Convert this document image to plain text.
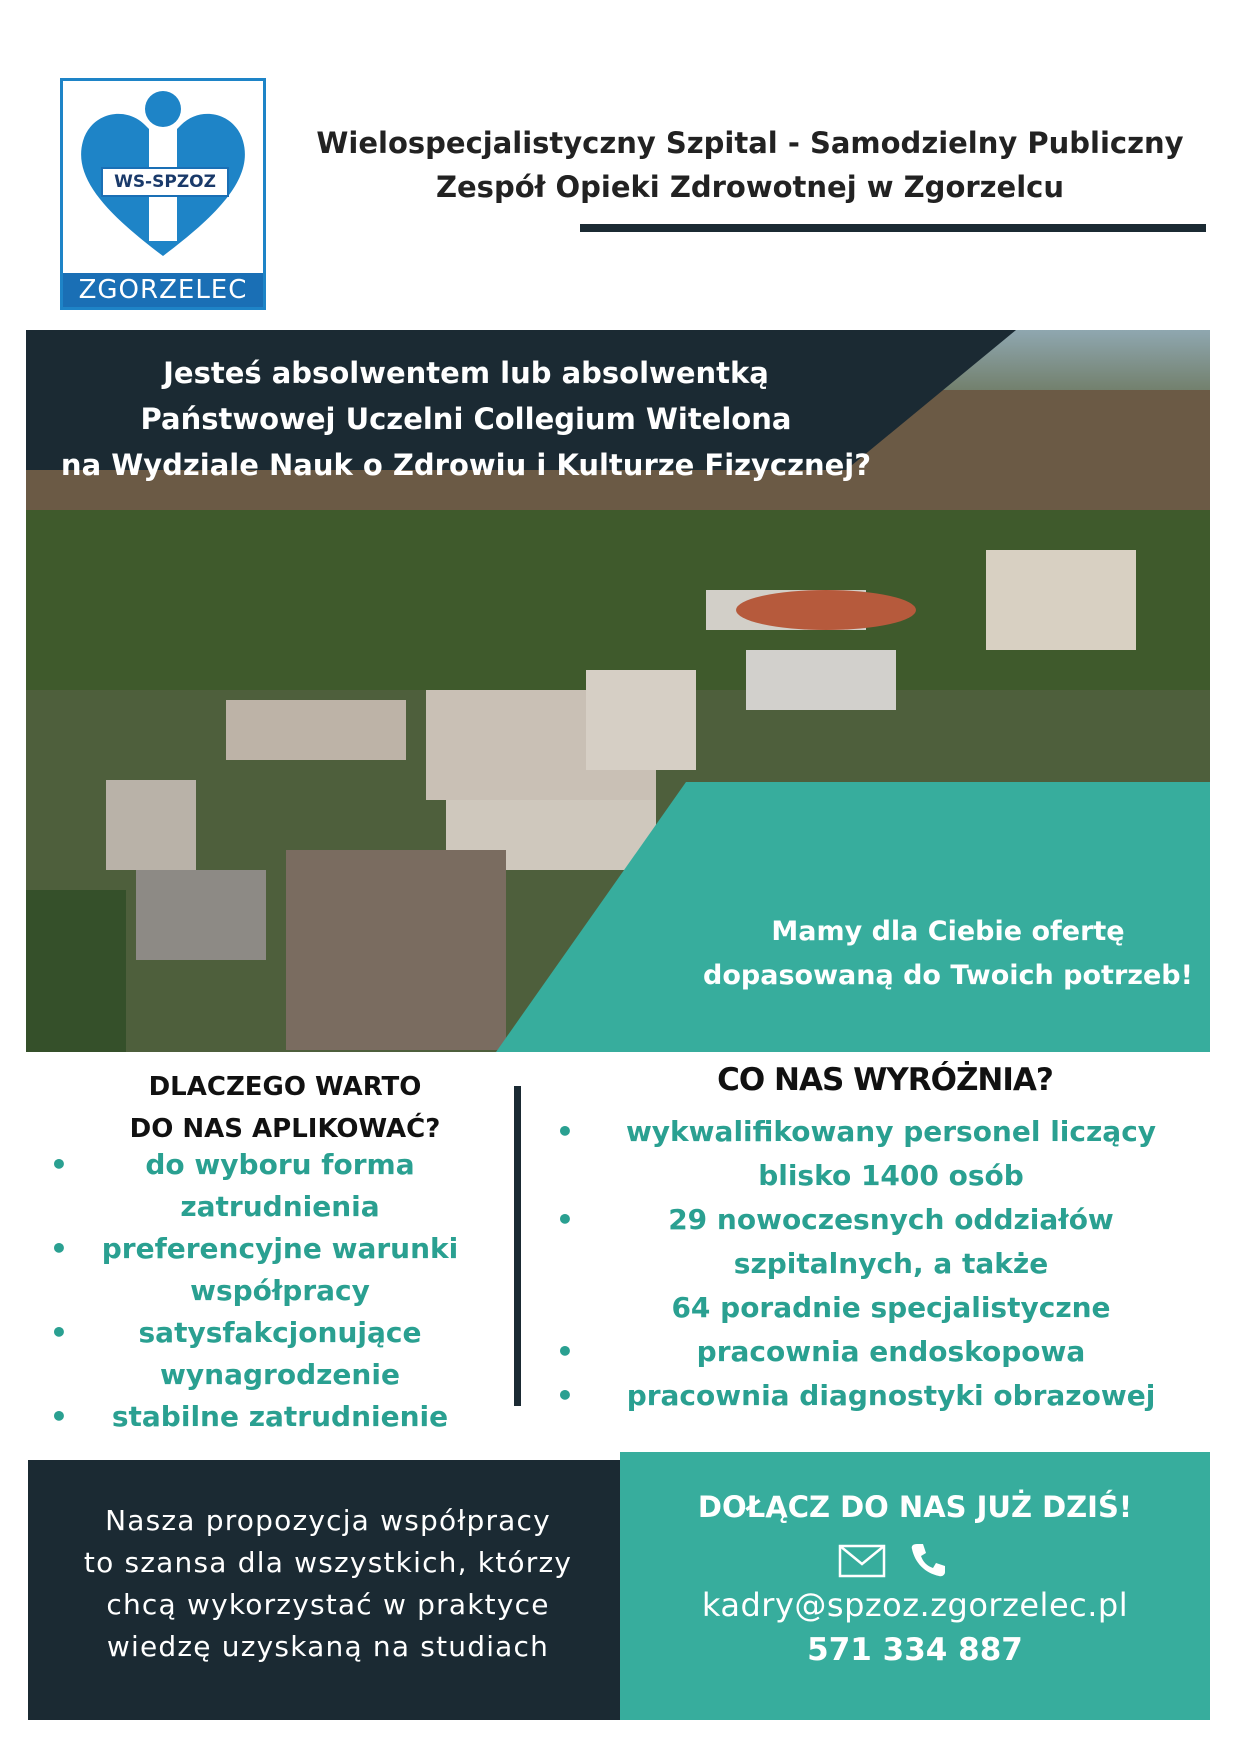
WS-SPZOZ
ZGORZELEC
Wielospecjalistyczny Szpital - Samodzielny Publiczny
Zespół Opieki Zdrowotnej w Zgorzelcu
Jesteś absolwentem lub absolwentką
Państwowej Uczelni Collegium Witelona
na Wydziale Nauk o Zdrowiu i Kulturze Fizycznej?
Mamy dla Ciebie ofertę
dopasowaną do Twoich potrzeb!
DLACZEGO WARTO
DO NAS APLIKOWAĆ?
•	do wyboru forma zatrudnienia
• preferencyjne warunki współpracy
•	satysfakcjonujące wynagrodzenie
• stabilne zatrudnienie
CO NAS WYRÓŻNIA?
• wykwalifikowany personel liczący blisko 1400 osób
•	29 nowoczesnych oddziałów szpitalnych, a także
64 poradnie specjalistyczne
•	pracownia endoskopowa
• pracownia diagnostyki obrazowej
Nasza propozycja współpracy
to szansa dla wszystkich, którzy
chcą wykorzystać w praktyce
wiedzę uzyskaną na studiach
DOŁĄCZ DO NAS JUŻ DZIŚ!
kadry@spzoz.zgorzelec.pl
571 334 887
